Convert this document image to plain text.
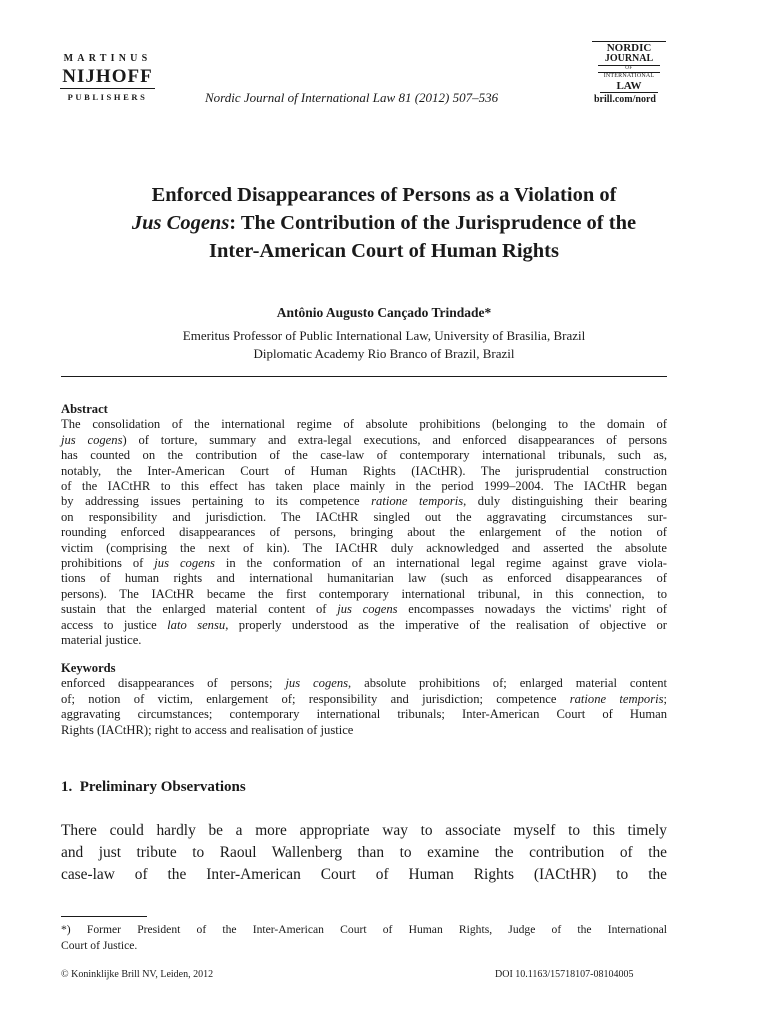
MARTINUS
NIJHOFF
PUBLISHERS	Nordic Journal of International Law 81 (2012) 507–536
NORDIC
JOURNAL
OF
INTERNATIONAL
LAW
brill.com/nord
Enforced Disappearances of Persons as a Violation of
Jus Cogens: The Contribution of the Jurisprudence of the
Inter-American Court of Human Rights
Antônio Augusto Cançado Trindade*
Emeritus Professor of Public International Law, University of Brasilia, Brazil
Diplomatic Academy Rio Branco of Brazil, Brazil
Abstract
The consolidation of the international regime of absolute prohibitions (belonging to the domain of
jus cogens) of torture, summary and extra-legal executions, and enforced disappearances of persons
has counted on the contribution of the case-law of contemporary international tribunals, such as,
notably, the Inter-American Court of Human Rights (IACtHR). The jurisprudential construction
of the IACtHR to this effect has taken place mainly in the period 1999–2004. The IACtHR began
by addressing issues pertaining to its competence ratione temporis, duly distinguishing their bearing
on responsibility and jurisdiction. The IACtHR singled out the aggravating circumstances sur-
rounding enforced disappearances of persons, bringing about the enlargement of the notion of
victim (comprising the next of kin). The IACtHR duly acknowledged and asserted the absolute
prohibitions of jus cogens in the conformation of an international legal regime against grave viola-
tions of human rights and international humanitarian law (such as enforced disappearances of
persons). The IACtHR became the first contemporary international tribunal, in this connection, to
sustain that the enlarged material content of jus cogens encompasses nowadays the victims' right of
access to justice lato sensu, properly understood as the imperative of the realisation of objective or
material justice.
Keywords
enforced disappearances of persons; jus cogens, absolute prohibitions of; enlarged material content
of; notion of victim, enlargement of; responsibility and jurisdiction; competence ratione temporis;
aggravating circumstances; contemporary international tribunals; Inter-American Court of Human
Rights (IACtHR); right to access and realisation of justice
1. Preliminary Observations
There could hardly be a more appropriate way to associate myself to this timely
and just tribute to Raoul Wallenberg than to examine the contribution of the
case-law of the Inter-American Court of Human Rights (IACtHR) to the
*) Former President of the Inter-American Court of Human Rights, Judge of the International
Court of Justice.
© Koninklijke Brill NV, Leiden, 2012	DOI 10.1163/15718107-08104005
